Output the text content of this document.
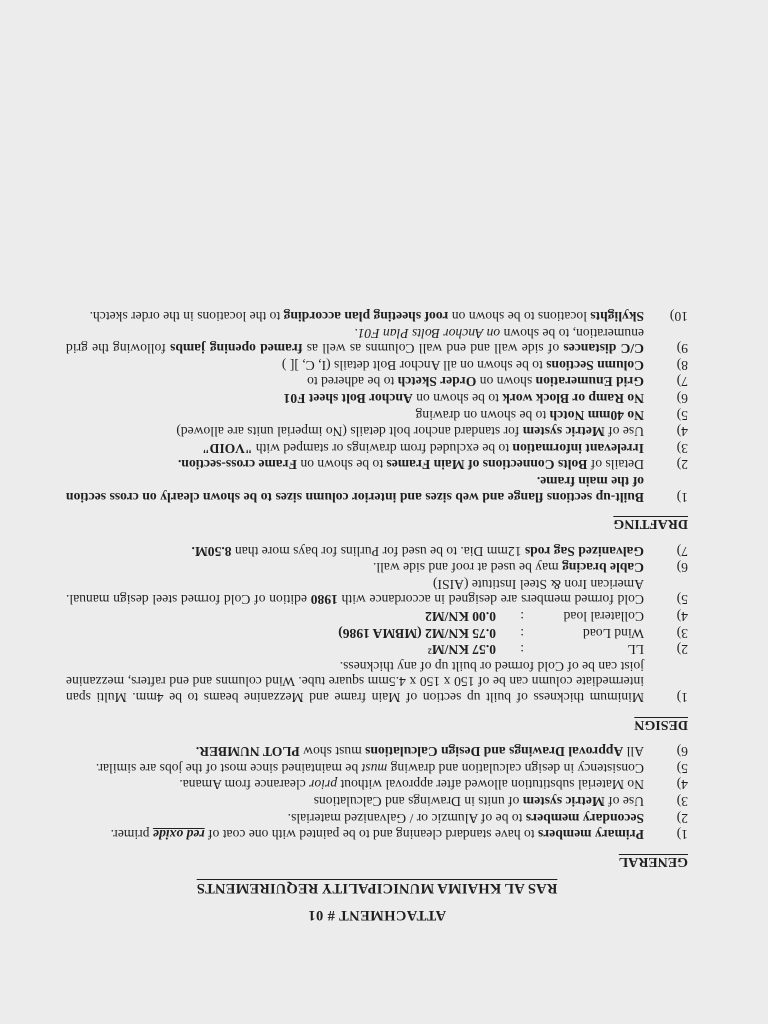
ATTACHMENT # 01

RAS AL KHAIMA MUNICIPALITY REQUIREMENTS

GENERAL

1)
Primary members to have standard cleaning and to be painted with one coat of red oxide primer.
2)
Secondary members to be of Alumzic or / Galvanized materials.
3)
Use of Metric system of units in Drawings and Calculations
4)
No Material substitution allowed after approval without prior clearance from Amana.
5)
Consistency in design calculation and drawing must be maintained since most of the jobs are similar.
6)
All Approval Drawings and Design Calculations must show PLOT NUMBER.

DESIGN

1)
Minimum thickness of built up section of Main frame and Mezzanine beams to be 4mm. Multi span intermediate column can be of 150 x 150 x 4.5mm square tube. Wind columns and end rafters, mezzanine joist can be of Cold formed or built up of any thickness.
2)
LL:0.57 KN/M²
3)
Wind Load:0.75 KN/M2 (MBMA 1986)
4)
Collateral load:0.00 KN/M2
5)
Cold formed members are designed in accordance with 1980 edition of Cold formed steel design manual. American Iron & Steel Institute (AISI)
6)
Cable bracing may be used at roof and side wall.
7)
Galvanized Sag rods 12mm Dia. to be used for Purlins for bays more than 8.50M.

DRAFTING

1)
Built-up sections flange and web sizes and interior column sizes to be shown clearly on cross section of the main frame.
2)
Details of Bolts Connections of Main Frames to be shown on Frame cross-section.
3)
Irrelevant information to be excluded from drawings or stamped with "VOID"
4)
Use of Metric system for standard anchor bolt details (No imperial units are allowed)
5)
No 40mm Notch to be shown on drawing
6)
No Ramp or Block work to be shown on Anchor Bolt sheet F01
7)
Grid Enumeration shown on Order Sketch to be adhered to
8)
Column Sections to be shown on all Anchor Bolt details (I, C, ][ )
9)
C/C distances of side wall and end wall Columns as well as framed opening jambs following the grid enumeration, to be shown on Anchor Bolts Plan F01.
10)
Skylights locations to be shown on roof sheeting plan according to the locations in the order sketch.
